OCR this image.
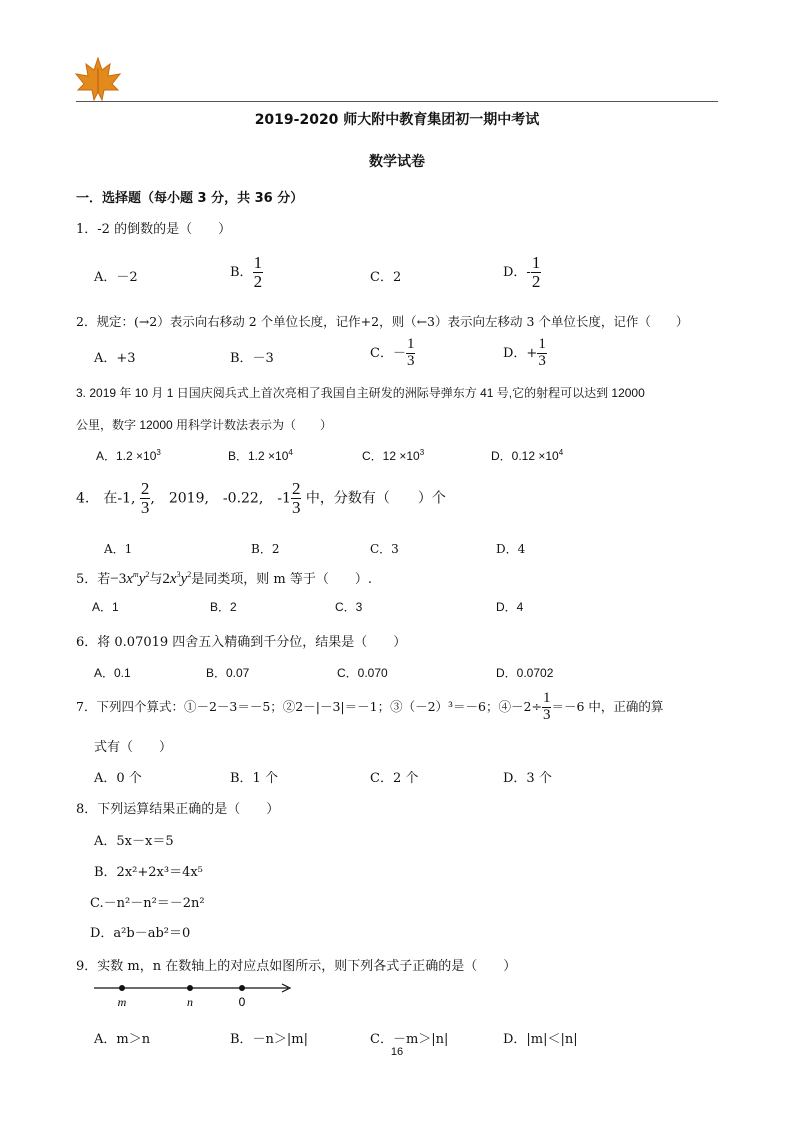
2019-2020 师大附中教育集团初一期中考试
数学试卷
一．选择题（每小题 3 分，共 36 分）
1．-2 的倒数的是（　　）
A．－2	B． $\frac{1}{2}$	C．2	D．- $\frac{1}{2}$
2．规定：(→2）表示向右移动 2 个单位长度，记作+2，则（←3）表示向左移动 3 个单位长度，记作（　　）
A．+3	B．－3	C．－ $\frac{1}{3}$	D．+ $\frac{1}{3}$
3. 2019 年 10 月 1 日国庆阅兵式上首次亮相了我国自主研发的洲际导弹东方 41 号,它的射程可以达到 12000
公里，数字 12000 用科学计数法表示为（　　）
A．$1.2 \times 10^3$	B．$1.2 \times 10^4$	C．$12 \times 10^3$	D．$0.12 \times 10^4$
4.　在-1, $\frac{2}{3}$ ,　2019,　-0.22,　$-1 \frac{2}{3}$ 中，分数有（　　）个
A．1	B．2	C．3	D．4
5．若$-3x^my^2$与$2x^3y^2$是同类项，则 m 等于（　　）.
A．1	B．2	C．3	D．4
6．将 0.07019 四舍五入精确到千分位，结果是（　　）
A．0.1	B．0.07	C．0.070	D．0.0702
7．下列四个算式：①－2－3＝－5；②2－|－3|＝－1；③（－2）³＝－6；④－2÷ $\frac{1}{3} =-6$ 中，正确的算
式有（　　）
A．0 个	B．1 个	C．2 个	D．3 个
8．下列运算结果正确的是（　　）
A．5x－x＝5
B．2x²+2x³＝4x⁵
C.－n²－n²＝－2n²
D．a²b－ab²＝0
9．实数 m，n 在数轴上的对应点如图所示，则下列各式子正确的是（　　）
m	n	0
A．m＞n	B．－n＞|m|	C．－m＞|n|	D．|m|＜|n|
16
